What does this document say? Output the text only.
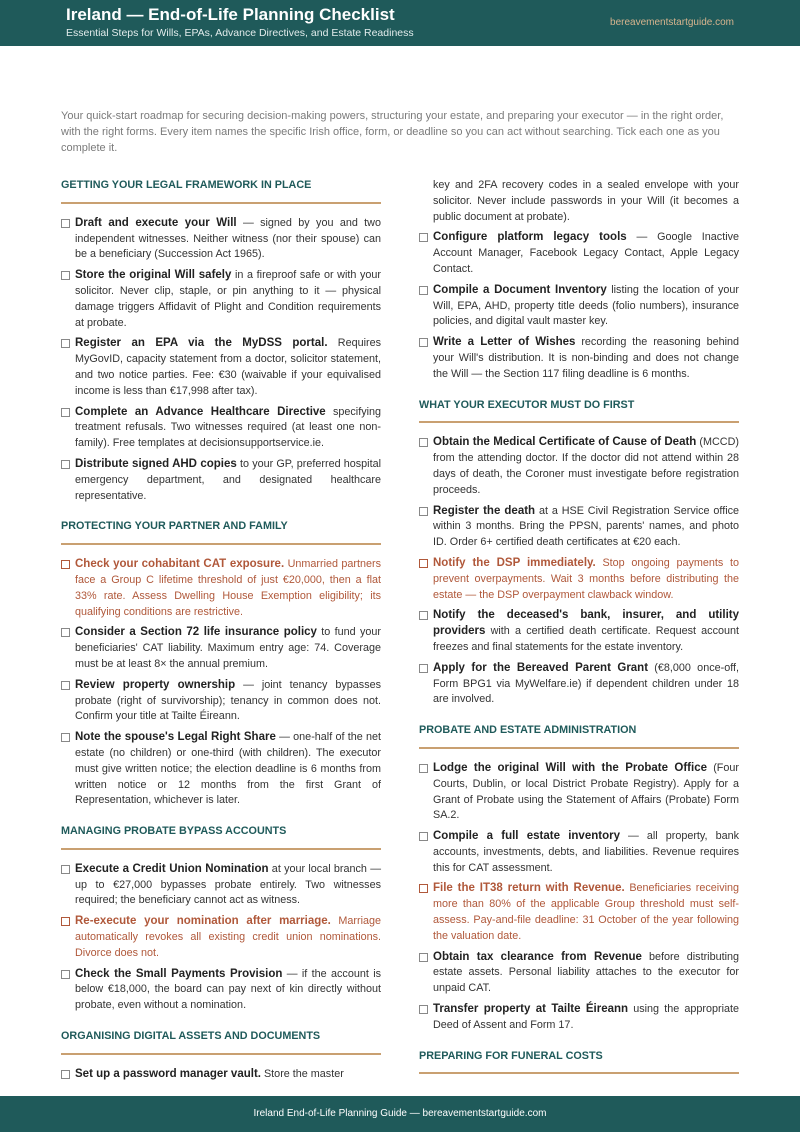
Ireland — End-of-Life Planning Checklist
Essential Steps for Wills, EPAs, Advance Directives, and Estate Readiness
bereavementstartguide.com
Your quick-start roadmap for securing decision-making powers, structuring your estate, and preparing your executor — in the right order, with the right forms. Every item names the specific Irish office, form, or deadline so you can act without searching. Tick each one as you complete it.
GETTING YOUR LEGAL FRAMEWORK IN PLACE
Draft and execute your Will — signed by you and two independent witnesses. Neither witness (nor their spouse) can be a beneficiary (Succession Act 1965).
Store the original Will safely in a fireproof safe or with your solicitor. Never clip, staple, or pin anything to it — physical damage triggers Affidavit of Plight and Condition requirements at probate.
Register an EPA via the MyDSS portal. Requires MyGovID, capacity statement from a doctor, solicitor statement, and two notice parties. Fee: €30 (waivable if your equivalised income is less than €17,998 after tax).
Complete an Advance Healthcare Directive specifying treatment refusals. Two witnesses required (at least one non-family). Free templates at decisionsupportservice.ie.
Distribute signed AHD copies to your GP, preferred hospital emergency department, and designated healthcare representative.
PROTECTING YOUR PARTNER AND FAMILY
Check your cohabitant CAT exposure. Unmarried partners face a Group C lifetime threshold of just €20,000, then a flat 33% rate. Assess Dwelling House Exemption eligibility; its qualifying conditions are restrictive.
Consider a Section 72 life insurance policy to fund your beneficiaries' CAT liability. Maximum entry age: 74. Coverage must be at least 8× the annual premium.
Review property ownership — joint tenancy bypasses probate (right of survivorship); tenancy in common does not. Confirm your title at Tailte Éireann.
Note the spouse's Legal Right Share — one-half of the net estate (no children) or one-third (with children). The executor must give written notice; the election deadline is 6 months from written notice or 12 months from the first Grant of Representation, whichever is later.
MANAGING PROBATE BYPASS ACCOUNTS
Execute a Credit Union Nomination at your local branch — up to €27,000 bypasses probate entirely. Two witnesses required; the beneficiary cannot act as witness.
Re-execute your nomination after marriage. Marriage automatically revokes all existing credit union nominations. Divorce does not.
Check the Small Payments Provision — if the account is below €18,000, the board can pay next of kin directly without probate, even without a nomination.
ORGANISING DIGITAL ASSETS AND DOCUMENTS
Set up a password manager vault. Store the master
key and 2FA recovery codes in a sealed envelope with your solicitor. Never include passwords in your Will (it becomes a public document at probate).
Configure platform legacy tools — Google Inactive Account Manager, Facebook Legacy Contact, Apple Legacy Contact.
Compile a Document Inventory listing the location of your Will, EPA, AHD, property title deeds (folio numbers), insurance policies, and digital vault master key.
Write a Letter of Wishes recording the reasoning behind your Will's distribution. It is non-binding and does not change the Will — the Section 117 filing deadline is 6 months.
WHAT YOUR EXECUTOR MUST DO FIRST
Obtain the Medical Certificate of Cause of Death (MCCD) from the attending doctor. If the doctor did not attend within 28 days of death, the Coroner must investigate before registration proceeds.
Register the death at a HSE Civil Registration Service office within 3 months. Bring the PPSN, parents' names, and photo ID. Order 6+ certified death certificates at €20 each.
Notify the DSP immediately. Stop ongoing payments to prevent overpayments. Wait 3 months before distributing the estate — the DSP overpayment clawback window.
Notify the deceased's bank, insurer, and utility providers with a certified death certificate. Request account freezes and final statements for the estate inventory.
Apply for the Bereaved Parent Grant (€8,000 once-off, Form BPG1 via MyWelfare.ie) if dependent children under 18 are involved.
PROBATE AND ESTATE ADMINISTRATION
Lodge the original Will with the Probate Office (Four Courts, Dublin, or local District Probate Registry). Apply for a Grant of Probate using the Statement of Affairs (Probate) Form SA.2.
Compile a full estate inventory — all property, bank accounts, investments, debts, and liabilities. Revenue requires this for CAT assessment.
File the IT38 return with Revenue. Beneficiaries receiving more than 80% of the applicable Group threshold must self-assess. Pay-and-file deadline: 31 October of the year following the valuation date.
Obtain tax clearance from Revenue before distributing estate assets. Personal liability attaches to the executor for unpaid CAT.
Transfer property at Tailte Éireann using the appropriate Deed of Assent and Form 17.
PREPARING FOR FUNERAL COSTS
Ireland End-of-Life Planning Guide — bereavementstartguide.com
